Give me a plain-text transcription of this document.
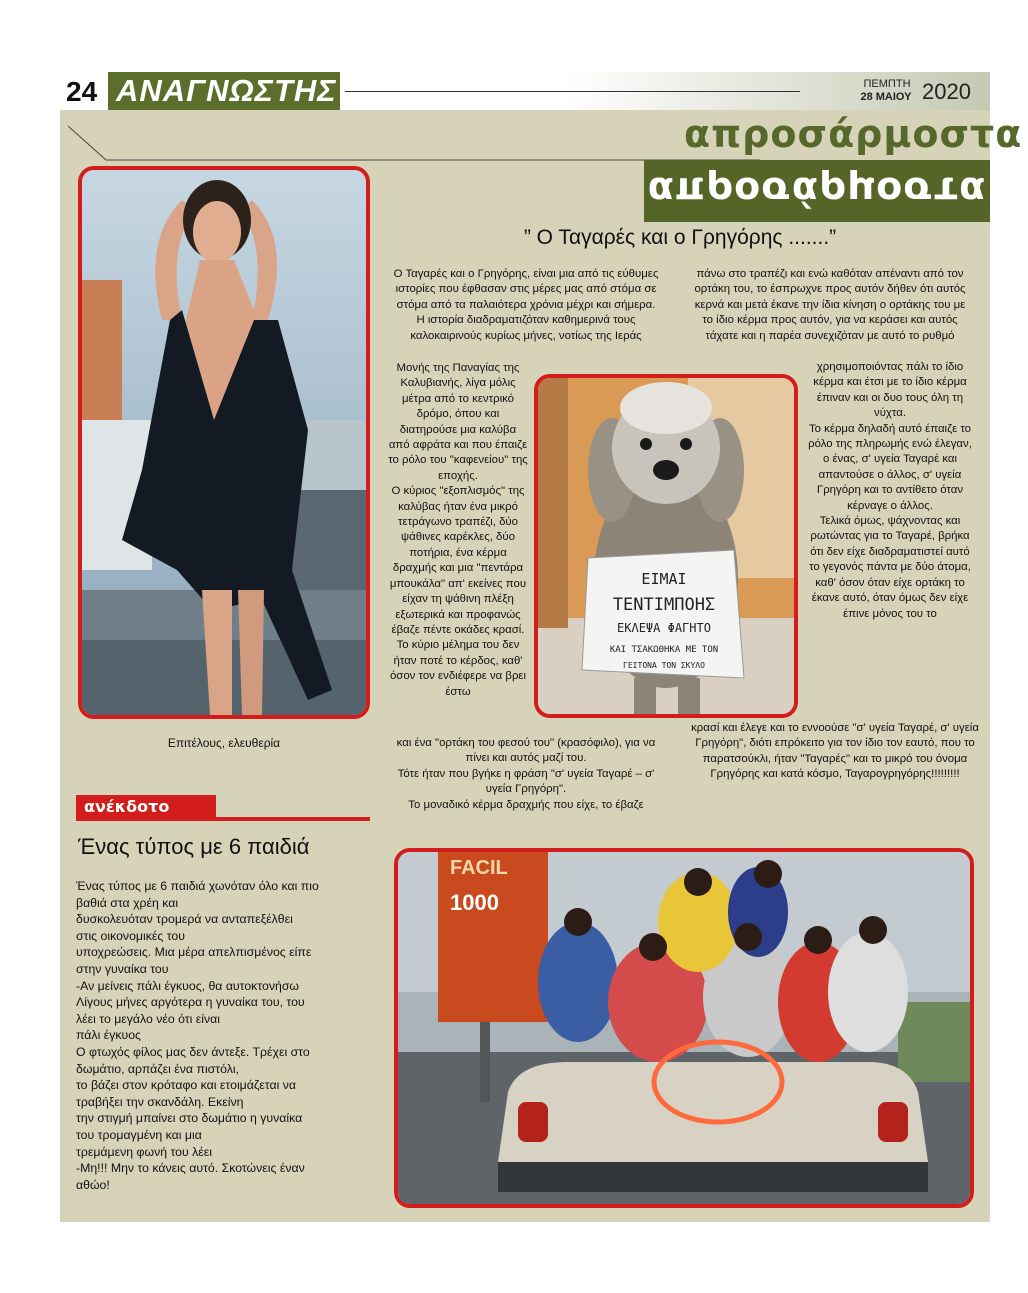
24 ΑΝΑΓΝΩΣΤΗΣ	ΠΕΜΠΤΗ
28 ΜΑΙΟΥ 2020
απροσάρμοστα
απροσάρμοστα
Επιτέλους, ελευθερία
” Ο Ταγαρές και ο Γρηγόρης .......”

Ο Ταγαρές και ο Γρηγόρης, είναι μια από τις εύθυμες ιστορίες που έφθασαν στις μέρες μας από στόμα σε στόμα από τα παλαιότερα χρόνια μέχρι και σήμερα.

Η ιστορία διαδραματιζόταν καθημερινά τους καλοκαιρινούς κυρίως μήνες, νοτίως της Ιεράς

Μονής της Παναγίας της Καλυβιανής, λίγα μόλις μέτρα από το κεντρικό δρόμο, όπου και διατηρούσε μια καλύβα από αφράτα και που έπαιζε το ρόλο του "καφενείου" της εποχής.

Ο κύριος "εξοπλισμός" της καλύβας ήταν ένα μικρό τετράγωνο τραπέζι, δύο ψάθινες καρέκλες, δύο ποτήρια, ένα κέρμα δραχμής και μια "πεντάρα μπουκάλα" απ' εκείνες που είχαν τη ψάθινη πλέξη εξωτερικά και προφανώς έβαζε πέντε οκάδες κρασί.

Το κύριο μέλημα του δεν ήταν ποτέ το κέρδος, καθ' όσον τον ενδιέφερε να βρει έστω

και ένα "ορτάκη του φεσού του" (κρασόφιλο), για να πίνει και αυτός μαζί του.

Τότε ήταν που βγήκε η φράση "σ' υγεία Ταγαρέ – σ' υγεία Γρηγόρη".

Το μοναδικό κέρμα δραχμής που είχε, το έβαζε

πάνω στο τραπέζι και ενώ καθόταν απέναντι από τον ορτάκη του, το έσπρωχνε προς αυτόν δήθεν ότι αυτός κερνά και μετά έκανε την ίδια κίνηση ο ορτάκης του με το ίδιο κέρμα προς αυτόν, για να κεράσει και αυτός τάχατε και η παρέα συνεχιζόταν με αυτό το ρυθμό

χρησιμοποιόντας πάλι το ίδιο κέρμα και έτσι με το ίδιο κέρμα έπιναν και οι δυο τους όλη τη νύχτα.

Το κέρμα δηλαδή αυτό έπαιζε το ρόλο της πληρωμής ενώ έλεγαν, ο ένας, σ' υγεία Ταγαρέ και απαντούσε ο άλλος, σ' υγεία Γρηγόρη και το αντίθετο όταν κέρναγε ο άλλος.

Τελικά όμως, ψάχνοντας και ρωτώντας για το Ταγαρέ, βρήκα ότι δεν είχε διαδραματιστεί αυτό το γεγονός πάντα με δύο άτομα, καθ' όσον όταν είχε ορτάκη το έκανε αυτό, όταν όμως δεν είχε έπινε μόνος του το

κρασί και έλεγε και το εννοούσε "σ' υγεία Ταγαρέ, σ' υγεία Γρηγόρη", διότι επρόκειτο για τον ίδιο τον εαυτό, που το παρατσούκλι, ήταν "Ταγαρές" και το μικρό του όνομα Γρηγόρης και κατά κόσμο, Ταγαρογρηγόρης!!!!!!!!!

ΕΙΜΑΙ
ΤΕΝΤΙΜΠΟΗΣ
ΕΚΛΕΨΑ ΦΑΓΗΤΟ
ΚΑΙ ΤΣΑΚΩΘΗΚΑ ΜΕ ΤΟΝ
ΓΕΙΤΟΝΑ ΤΟΝ ΣΚΥΛΟ
ανέκδοτο
Ένας τύπος με 6 παιδιά

Ένας τύπος με 6 παιδιά χωνόταν όλο και πιο

βαθιά στα χρέη και

δυσκολευόταν τρομερά να ανταπεξέλθει

στις οικονομικές του

υποχρεώσεις. Μια μέρα απελπισμένος είπε

στην γυναίκα του

-Αν μείνεις πάλι έγκυος, θα αυτοκτονήσω

Λίγους μήνες αργότερα η γυναίκα του, του

λέει το μεγάλο νέο ότι είναι

πάλι έγκυος

Ο φτωχός φίλος μας δεν άντεξε. Τρέχει στο

δωμάτιο, αρπάζει ένα πιστόλι,

το βάζει στον κρόταφο και ετοιμάζεται να

τραβήξει την σκανδάλη. Εκείνη

την στιγμή μπαίνει στο δωμάτιο η γυναίκα

του τρομαγμένη και μια

τρεμάμενη φωνή του λέει

-Μη!!! Μην το κάνεις αυτό. Σκοτώνεις έναν

αθώο!

FACIL
1000
